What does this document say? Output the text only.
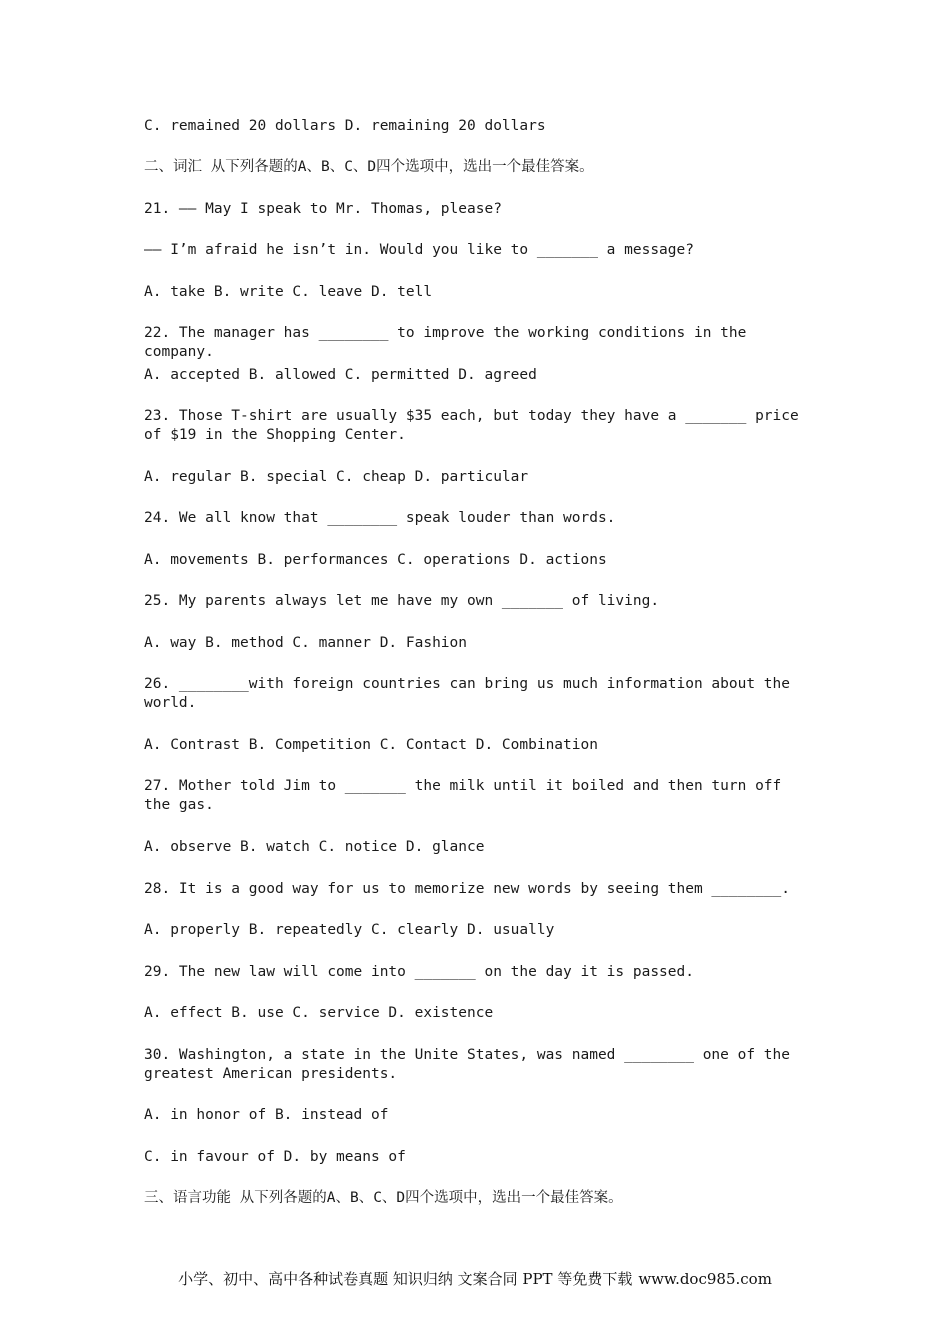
C. remained 20 dollars D. remaining 20 dollars
二、词汇 从下列各题的A、B、C、D四个选项中，选出一个最佳答案。
21. —— May I speak to Mr. Thomas, please?
—— I’m afraid he isn’t in. Would you like to _______ a message?
A. take B. write C. leave D. tell
22. The manager has ________ to improve the working conditions in the company.
A. accepted B. allowed C. permitted D. agreed
23. Those T-shirt are usually $35 each, but today they have a _______ price of $19 in the Shopping Center.
A. regular B. special C. cheap D. particular
24. We all know that ________ speak louder than words.
A. movements B. performances C. operations D. actions
25. My parents always let me have my own _______ of living.
A. way B. method C. manner D. Fashion
26. ________with foreign countries can bring us much information about the world.
A. Contrast B. Competition C. Contact D. Combination
27. Mother told Jim to _______ the milk until it boiled and then turn off the gas.
A. observe B. watch C. notice D. glance
28. It is a good way for us to memorize new words by seeing them ________.
A. properly B. repeatedly C. clearly D. usually
29. The new law will come into _______ on the day it is passed.
A. effect B. use C. service D. existence
30. Washington, a state in the Unite States, was named ________ one of the greatest American presidents.
A. in honor of B. instead of
C. in favour of D. by means of
三、语言功能 从下列各题的A、B、C、D四个选项中，选出一个最佳答案。
小学、初中、高中各种试卷真题 知识归纳 文案合同 PPT 等免费下载 www.doc985.com
